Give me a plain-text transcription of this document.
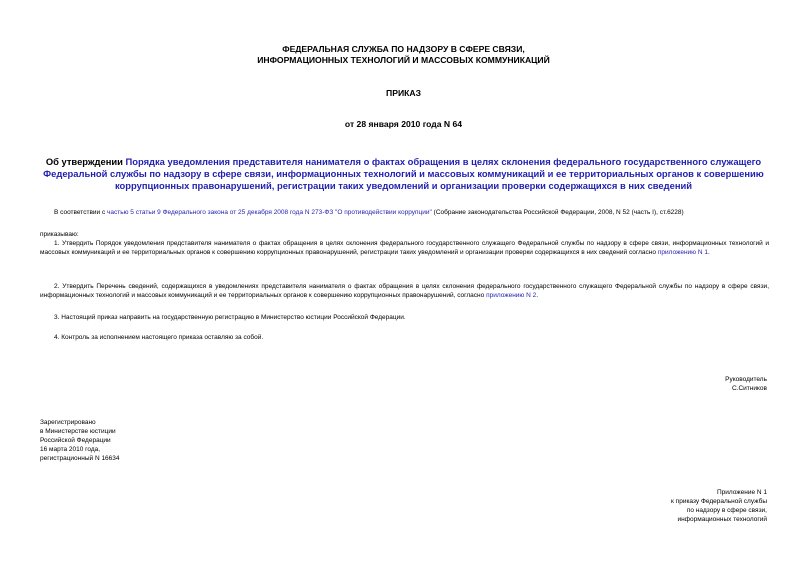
ФЕДЕРАЛЬНАЯ СЛУЖБА ПО НАДЗОРУ В СФЕРЕ СВЯЗИ,
ИНФОРМАЦИОННЫХ ТЕХНОЛОГИЙ И МАССОВЫХ КОММУНИКАЦИЙ
ПРИКАЗ
от 28 января 2010 года N 64
Об утверждении Порядка уведомления представителя нанимателя о фактах обращения в целях склонения федерального государственного служащего Федеральной службы по надзору в сфере связи, информационных технологий и массовых коммуникаций и ее территориальных органов к совершению коррупционных правонарушений, регистрации таких уведомлений и организации проверки содержащихся в них сведений
В соответствии с частью 5 статьи 9 Федерального закона от 25 декабря 2008 года N 273-ФЗ "О противодействии коррупции" (Собрание законодательства Российской Федерации, 2008, N 52 (часть I), ст.6228)
приказываю:
1. Утвердить Порядок уведомления представителя нанимателя о фактах обращения в целях склонения федерального государственного служащего Федеральной службы по надзору в сфере связи, информационных технологий и массовых коммуникаций и ее территориальных органов к совершению коррупционных правонарушений, регистрации таких уведомлений и организации проверки содержащихся в них сведений согласно приложению N 1.
2. Утвердить Перечень сведений, содержащихся в уведомлениях представителя нанимателя о фактах обращения в целях склонения федерального государственного служащего Федеральной службы по надзору в сфере связи, информационных технологий и массовых коммуникаций и ее территориальных органов к совершению коррупционных правонарушений, согласно приложению N 2.
3. Настоящий приказ направить на государственную регистрацию в Министерство юстиции Российской Федерации.
4. Контроль за исполнением настоящего приказа оставляю за собой.
Руководитель
С.Ситников
Зарегистрировано
в Министерстве юстиции
Российской Федерации
16 марта 2010 года,
регистрационный N 16634
Приложение N 1
к приказу Федеральной службы
по надзору в сфере связи,
информационных технологий
